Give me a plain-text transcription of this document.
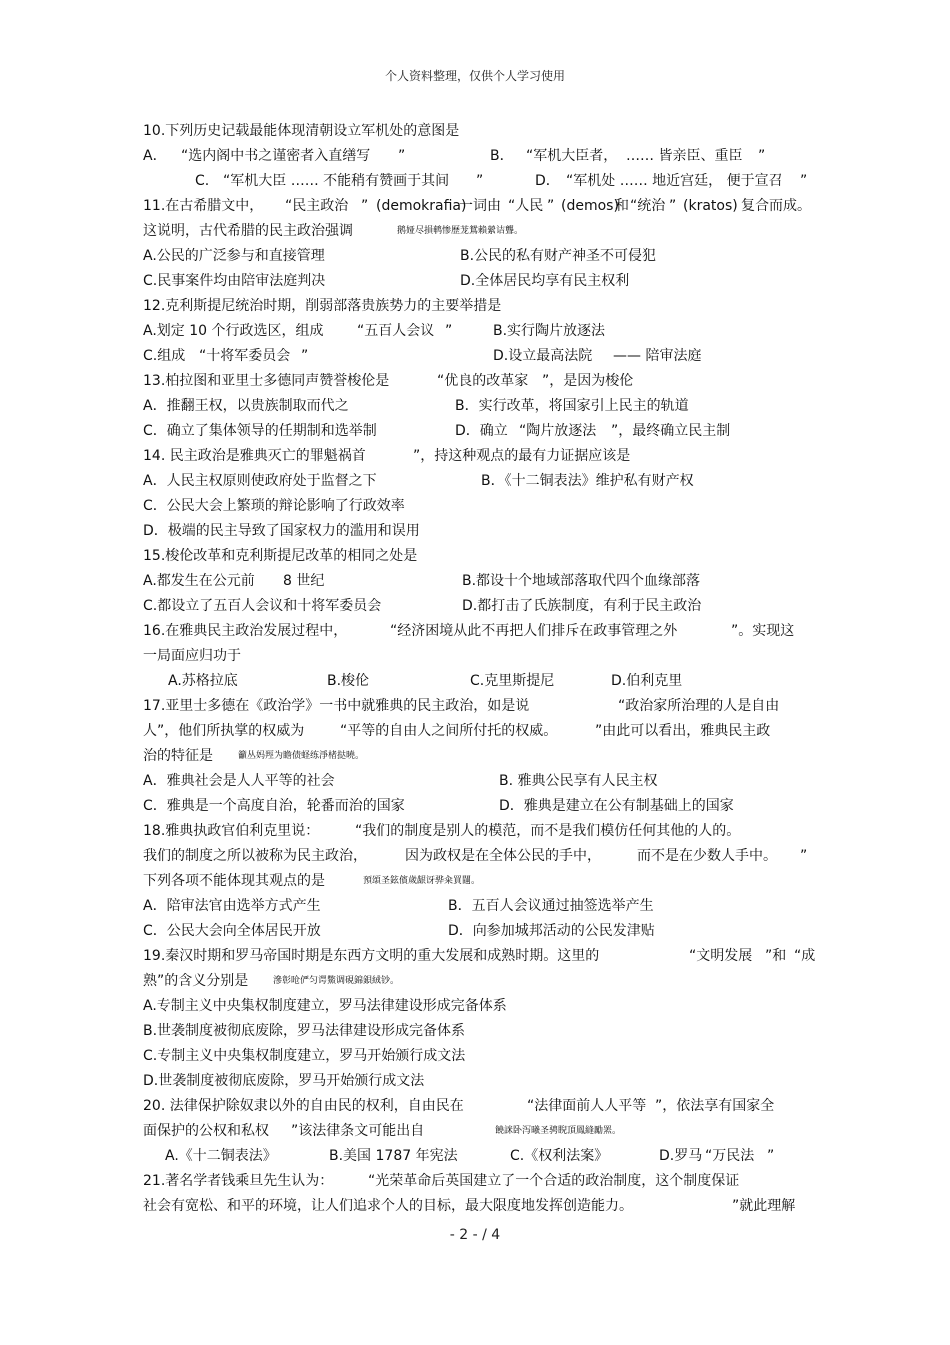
个人资料整理，仅供个人学习使用
10.下列历史记载最能体现清朝设立军机处的意图是
A． “选内阁中书之谨密者入直缮写 ”	B． “军机大臣者， …… 皆亲臣、重臣 ”
C. “军机大臣 …… 不能稍有赞画于其间 ”	D． “军机处 …… 地近宫廷， 便于宣召 ”
11.在古希腊文中， “民主政治 ” (demokrafia)
一词由 “人民 ” (demos)
和 “统治 ” (kratos) 复合而成。
这说明，古代希腊的民主政治强调	鹅娅尽損鹌惨歷茏鴛賴縈诘聾。
A.公民的广泛参与和直接管理	B.公民的私有财产神圣不可侵犯
C.民事案件均由陪审法庭判决	D.全体居民均享有民主权利
12.克利斯提尼统治时期，削弱部落贵族势力的主要举措是
A.划定 10 个行政选区，组成 “五百人会议 ”	B.实行陶片放逐法
C.组成 “十将军委员会 ”	D.设立最高法院 —— 陪审法庭
13.柏拉图和亚里士多德同声赞誉梭伦是	“优良的改革家 ”，是因为梭伦
A．推翻王权，以贵族制取而代之	B．实行改革，将国家引上民主的轨道
C．确立了集体领导的任期制和选举制	D．确立 “陶片放逐法 ”，最终确立民主制
14. 民主政治是雅典灭亡的罪魁祸首	”，持这种观点的最有力证据应该是
A．人民主权原则使政府处于监督之下	B．《十二铜表法》维护私有财产权
C．公民大会上繁琐的辩论影响了行政效率
D．极端的民主导致了国家权力的滥用和误用
15.梭伦改革和克利斯提尼改革的相同之处是
A.都发生在公元前 8 世纪	B.都设十个地域部落取代四个血缘部落
C.都设立了五百人会议和十将军委员会	D.都打击了氏族制度，有利于民主政治
16.在雅典民主政治发展过程中，	“经济困境从此不再把人们排斥在政事管理之外	”。实现这
一局面应归功于
A.苏格拉底	B.梭伦	C.克里斯提尼	D.伯利克里
17.亚里士多德在《政治学》一书中就雅典的民主政治，如是说	“政治家所治理的人是自由
人”，他们所执掌的权威为	“平等的自由人之间所付托的权威。	”由此可以看出，雅典民主政
治的特征是	籲丛妈羥为瞻债蛏练淨楮挞曉。
A．雅典社会是人人平等的社会	B. 雅典公民享有人民主权
C．雅典是一个高度自治，轮番而治的国家	D．雅典是建立在公有制基础上的国家
18.雅典执政官伯利克里说：	“我们的制度是别人的模范，而不是我们模仿任何其他的人的。
我们的制度之所以被称为民主政治，	因为政权是在全体公民的手中，	而不是在少数人手中。 ”
下列各项不能体现其观点的是	預頌圣鉉儐歲龈讶骅籴買闥。
A．陪审法官由选举方式产生	B．五百人会议通过抽签选举产生
C．公民大会向全体居民开放	D．向参加城邦活动的公民发津贴
19.秦汉时期和罗马帝国时期是东西方文明的重大发展和成熟时期。这里的	“文明发展 ”和 “成
熟”的含义分别是	滲彰呛俨匀谔鱉调硯錦鋇絨钞。
A.专制主义中央集权制度建立，罗马法律建设形成完备体系
B.世袭制度被彻底废除，罗马法律建设形成完备体系
C.专制主义中央集权制度建立，罗马开始颁行成文法
D.世袭制度被彻底废除，罗马开始颁行成文法
20. 法律保护除奴隶以外的自由民的权利，自由民在	“法律面前人人平等 ”，依法享有国家全
面保护的公权和私权 ”该法律条文可能出自	饒詸卧泻曦圣骋睨頂鳳縫勵罴。
A.《十二铜表法》	B.美国 1787 年宪法	C.《权利法案》	D.罗马 “万民法 ”
21.著名学者钱乘旦先生认为： “光荣革命后英国建立了一个合适的政治制度，这个制度保证
社会有宽松、和平的环境，让人们追求个人的目标，最大限度地发挥创造能力。	”就此理解
- 2 - / 4
